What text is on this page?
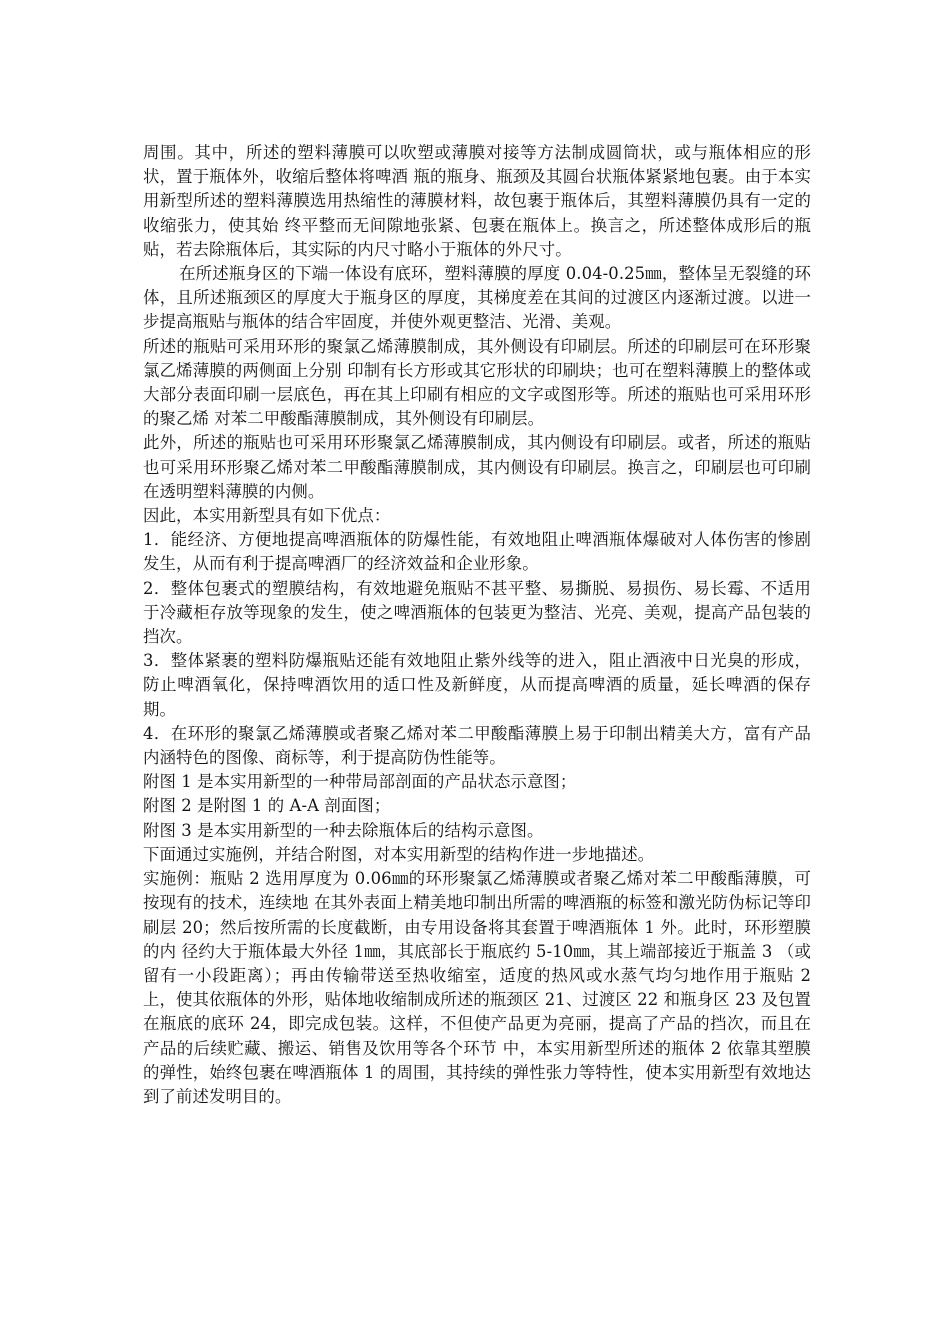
周围。其中，所述的塑料薄膜可以吹塑或薄膜对接等方法制成圆筒状，或与瓶体相应的形状，置于瓶体外，收缩后整体将啤酒 瓶的瓶身、瓶颈及其圆台状瓶体紧紧地包裹。由于本实用新型所述的塑料薄膜选用热缩性的薄膜材料，故包裹于瓶体后，其塑料薄膜仍具有一定的收缩张力，使其始 终平整而无间隙地张紧、包裹在瓶体上。换言之，所述整体成形后的瓶贴，若去除瓶体后，其实际的内尺寸略小于瓶体的外尺寸。

在所述瓶身区的下端一体设有底环，塑料薄膜的厚度 0.04-0.25㎜，整体呈无裂缝的环体，且所述瓶颈区的厚度大于瓶身区的厚度，其梯度差在其间的过渡区内逐渐过渡。以进一步提高瓶贴与瓶体的结合牢固度，并使外观更整洁、光滑、美观。

所述的瓶贴可采用环形的聚氯乙烯薄膜制成，其外侧设有印刷层。所述的印刷层可在环形聚氯乙烯薄膜的两侧面上分别 印制有长方形或其它形状的印刷块；也可在塑料薄膜上的整体或大部分表面印刷一层底色，再在其上印刷有相应的文字或图形等。所述的瓶贴也可采用环形的聚乙烯 对苯二甲酸酯薄膜制成，其外侧设有印刷层。

此外，所述的瓶贴也可采用环形聚氯乙烯薄膜制成，其内侧设有印刷层。或者，所述的瓶贴也可采用环形聚乙烯对苯二甲酸酯薄膜制成，其内侧设有印刷层。换言之，印刷层也可印刷在透明塑料薄膜的内侧。

因此，本实用新型具有如下优点：

1．能经济、方便地提高啤酒瓶体的防爆性能，有效地阻止啤酒瓶体爆破对人体伤害的惨剧发生，从而有利于提高啤酒厂的经济效益和企业形象。

2．整体包裹式的塑膜结构，有效地避免瓶贴不甚平整、易撕脱、易损伤、易长霉、不适用于冷藏柜存放等现象的发生，使之啤酒瓶体的包装更为整洁、光亮、美观，提高产品包装的挡次。

3．整体紧裹的塑料防爆瓶贴还能有效地阻止紫外线等的进入，阻止酒液中日光臭的形成，防止啤酒氧化，保持啤酒饮用的适口性及新鲜度，从而提高啤酒的质量，延长啤酒的保存期。

4．在环形的聚氯乙烯薄膜或者聚乙烯对苯二甲酸酯薄膜上易于印制出精美大方，富有产品内涵特色的图像、商标等，利于提高防伪性能等。

附图 1 是本实用新型的一种带局部剖面的产品状态示意图；

附图 2 是附图 1 的 A-A 剖面图；

附图 3 是本实用新型的一种去除瓶体后的结构示意图。

下面通过实施例，并结合附图，对本实用新型的结构作进一步地描述。

实施例：瓶贴 2 选用厚度为 0.06㎜的环形聚氯乙烯薄膜或者聚乙烯对苯二甲酸酯薄膜，可按现有的技术，连续地 在其外表面上精美地印制出所需的啤酒瓶的标签和激光防伪标记等印刷层 20；然后按所需的长度截断，由专用设备将其套置于啤酒瓶体 1 外。此时，环形塑膜的内 径约大于瓶体最大外径 1㎜，其底部长于瓶底约 5-10㎜，其上端部接近于瓶盖 3 （或留有一小段距离）；再由传输带送至热收缩室，适度的热风或水蒸气均匀地作用于瓶贴 2 上，使其依瓶体的外形，贴体地收缩制成所述的瓶颈区 21、过渡区 22 和瓶身区 23 及包置在瓶底的底环 24，即完成包装。这样，不但使产品更为亮丽，提高了产品的挡次，而且在产品的后续贮藏、搬运、销售及饮用等各个环节 中，本实用新型所述的瓶体 2 依靠其塑膜的弹性，始终包裹在啤酒瓶体 1 的周围，其持续的弹性张力等特性，使本实用新型有效地达到了前述发明目的。
